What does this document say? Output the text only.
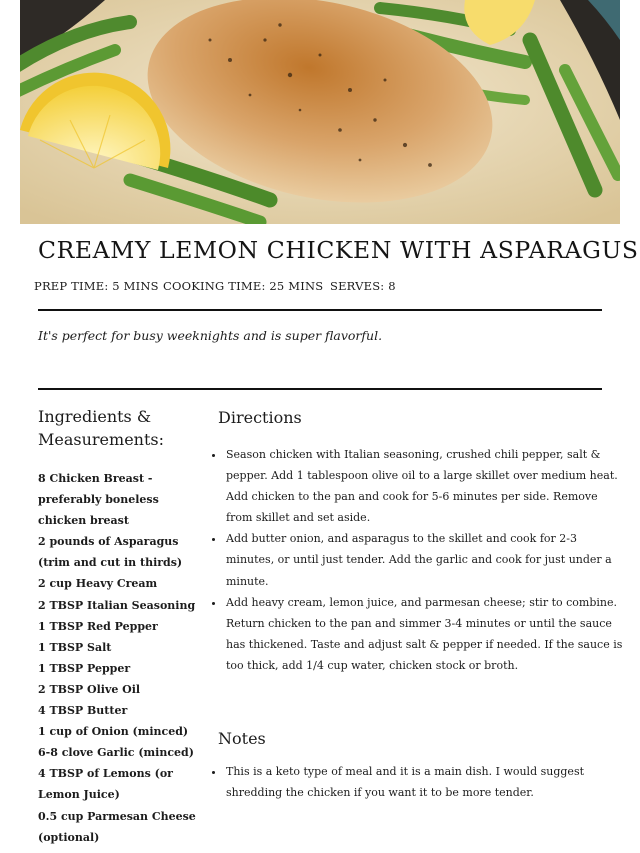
CREAMY LEMON CHICKEN WITH ASPARAGUS
PREP TIME: 5 MINS COOKING TIME: 25 MINS SERVES: 8
It's perfect for busy weeknights and is super flavorful.
Ingredients & Measurements:
8 Chicken Breast - preferably boneless chicken breast
2 pounds of Asparagus (trim and cut in thirds)
2 cup Heavy Cream
2 TBSP Italian Seasoning
1 TBSP Red Pepper
1 TBSP Salt
1 TBSP Pepper
2 TBSP Olive Oil
4 TBSP Butter
1 cup of Onion (minced)
6-8 clove Garlic (minced)
4 TBSP of Lemons (or Lemon Juice)
0.5 cup Parmesan Cheese (optional)
Directions
• Season chicken with Italian seasoning, crushed chili pepper, salt & pepper. Add 1 tablespoon olive oil to a large skillet over medium heat. Add chicken to the pan and cook for 5-6 minutes per side. Remove from skillet and set aside.
• Add butter onion, and asparagus to the skillet and cook for 2-3 minutes, or until just tender. Add the garlic and cook for just under a minute.
• Add heavy cream, lemon juice, and parmesan cheese; stir to combine. Return chicken to the pan and simmer 3-4 minutes or until the sauce has thickened. Taste and adjust salt & pepper if needed. If the sauce is too thick, add 1/4 cup water, chicken stock or broth.
Notes
• This is a keto type of meal and it is a main dish. I would suggest shredding the chicken if you want it to be more tender.
